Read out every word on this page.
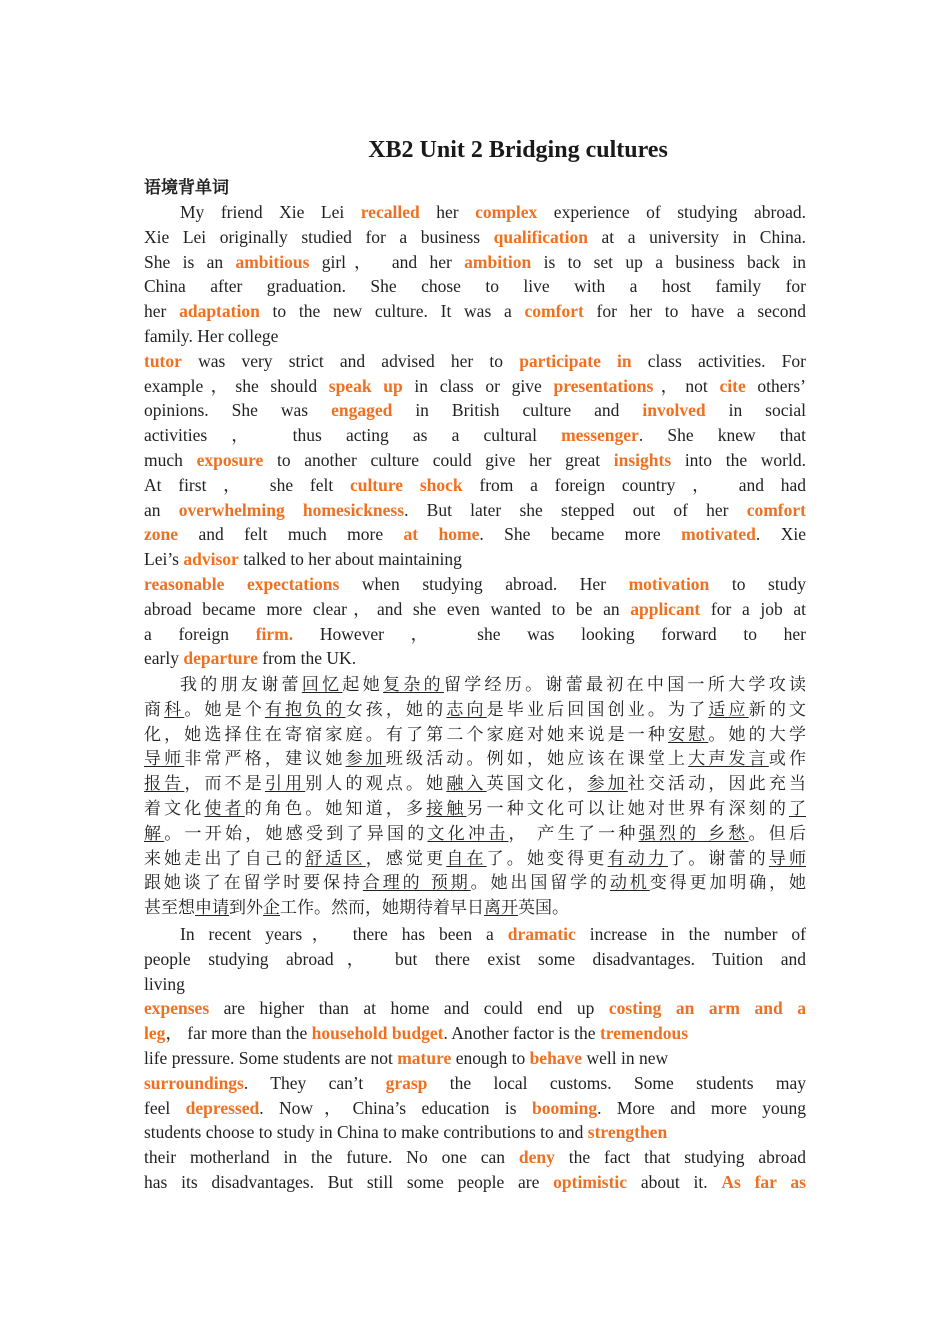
XB2 Unit 2 Bridging cultures
语境背单词
My friend Xie Lei recalled her complex experience of studying abroad.
Xie Lei originally studied for a business qualification at a university in China.
She is an ambitious girl， and her ambition is to set up a business back in
China after graduation. She chose to live with a host family for
her adaptation to the new culture. It was a comfort for her to have a second
family. Her college
tutor was very strict and advised her to participate in class activities. For
example，she should speak up in class or give presentations，not cite others’
opinions. She was engaged in British culture and involved in social
activities ， thus acting as a cultural messenger. She knew that
much exposure to another culture could give her great insights into the world.
At first ， she felt culture shock from a foreign country ， and had
an overwhelming homesickness. But later she stepped out of her comfort
zone and felt much more at home. She became more motivated. Xie
Lei’s advisor talked to her about maintaining
reasonable expectations when studying abroad. Her motivation to study
abroad became more clear，and she even wanted to be an applicant for a job at
a foreign firm. However ， she was looking forward to her
early departure from the UK.
我的朋友谢蕾回忆起她复杂的留学经历。谢蕾最初在中国一所大学攻读
商科。她是个有抱负的女孩，她的志向是毕业后回国创业。为了适应新的文
化，她选择住在寄宿家庭。有了第二个家庭对她来说是一种安慰。她的大学
导师非常严格，建议她参加班级活动。例如，她应该在课堂上大声发言或作
报告，而不是引用别人的观点。她融入英国文化，参加社交活动，因此充当
着文化使者的角色。她知道，多接触另一种文化可以让她对世界有深刻的了
解。一开始，她感受到了异国的文化冲击， 产生了一种强烈的 乡愁。但后
来她走出了自己的舒适区，感觉更自在了。她变得更有动力了。谢蕾的导师
跟她谈了在留学时要保持合理的 预期。她出国留学的动机变得更加明确，她
甚至想申请到外企工作。然而，她期待着早日离开英国。
In recent years， there has been a dramatic increase in the number of
people studying abroad， but there exist some disadvantages. Tuition and
living
expenses are higher than at home and could end up costing an arm and a
leg， far more than the household budget. Another factor is the tremendous
life pressure. Some students are not mature enough to behave well in new
surroundings. They can’t grasp the local customs. Some students may
feel depressed. Now，China’s education is booming. More and more young
students choose to study in China to make contributions to and strengthen
their motherland in the future. No one can deny the fact that studying abroad
has its disadvantages. But still some people are optimistic about it. As far as
